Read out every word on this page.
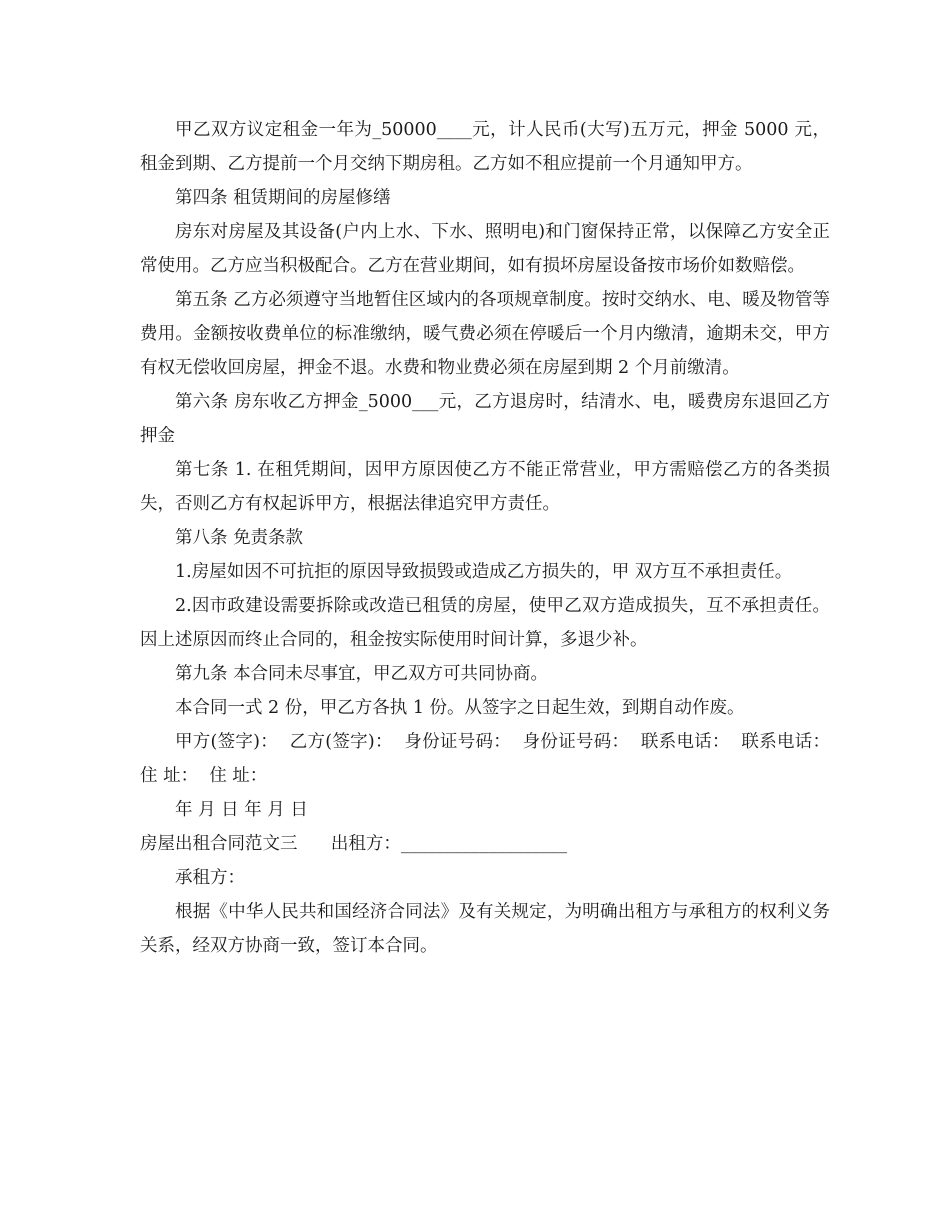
甲乙双方议定租金一年为_50000____元，计人民币(大写)五万元，押金 5000 元，租金到期、乙方提前一个月交纳下期房租。乙方如不租应提前一个月通知甲方。

第四条 租赁期间的房屋修缮

房东对房屋及其设备(户内上水、下水、照明电)和门窗保持正常，以保障乙方安全正常使用。乙方应当积极配合。乙方在营业期间，如有损坏房屋设备按市场价如数赔偿。

第五条 乙方必须遵守当地暂住区域内的各项规章制度。按时交纳水、电、暖及物管等费用。金额按收费单位的标准缴纳，暖气费必须在停暖后一个月内缴清，逾期未交，甲方有权无偿收回房屋，押金不退。水费和物业费必须在房屋到期 2 个月前缴清。

第六条 房东收乙方押金_5000___元，乙方退房时，结清水、电，暖费房东退回乙方押金

第七条 1. 在租凭期间，因甲方原因使乙方不能正常营业，甲方需赔偿乙方的各类损失，否则乙方有权起诉甲方，根据法律追究甲方责任。

第八条 免责条款

1.房屋如因不可抗拒的原因导致损毁或造成乙方损失的，甲 双方互不承担责任。

2.因市政建设需要拆除或改造已租赁的房屋，使甲乙双方造成损失，互不承担责任。因上述原因而终止合同的，租金按实际使用时间计算，多退少补。

第九条 本合同未尽事宜，甲乙双方可共同协商。

本合同一式 2 份，甲乙方各执 1 份。从签字之日起生效，到期自动作废。

甲方(签字)：  乙方(签字)：  身份证号码：  身份证号码：  联系电话：  联系电话：  住 址：  住 址：

年 月 日 年 月 日

房屋出租合同范文三      出租方：___________________

承租方：

根据《中华人民共和国经济合同法》及有关规定，为明确出租方与承租方的权利义务关系，经双方协商一致，签订本合同。
